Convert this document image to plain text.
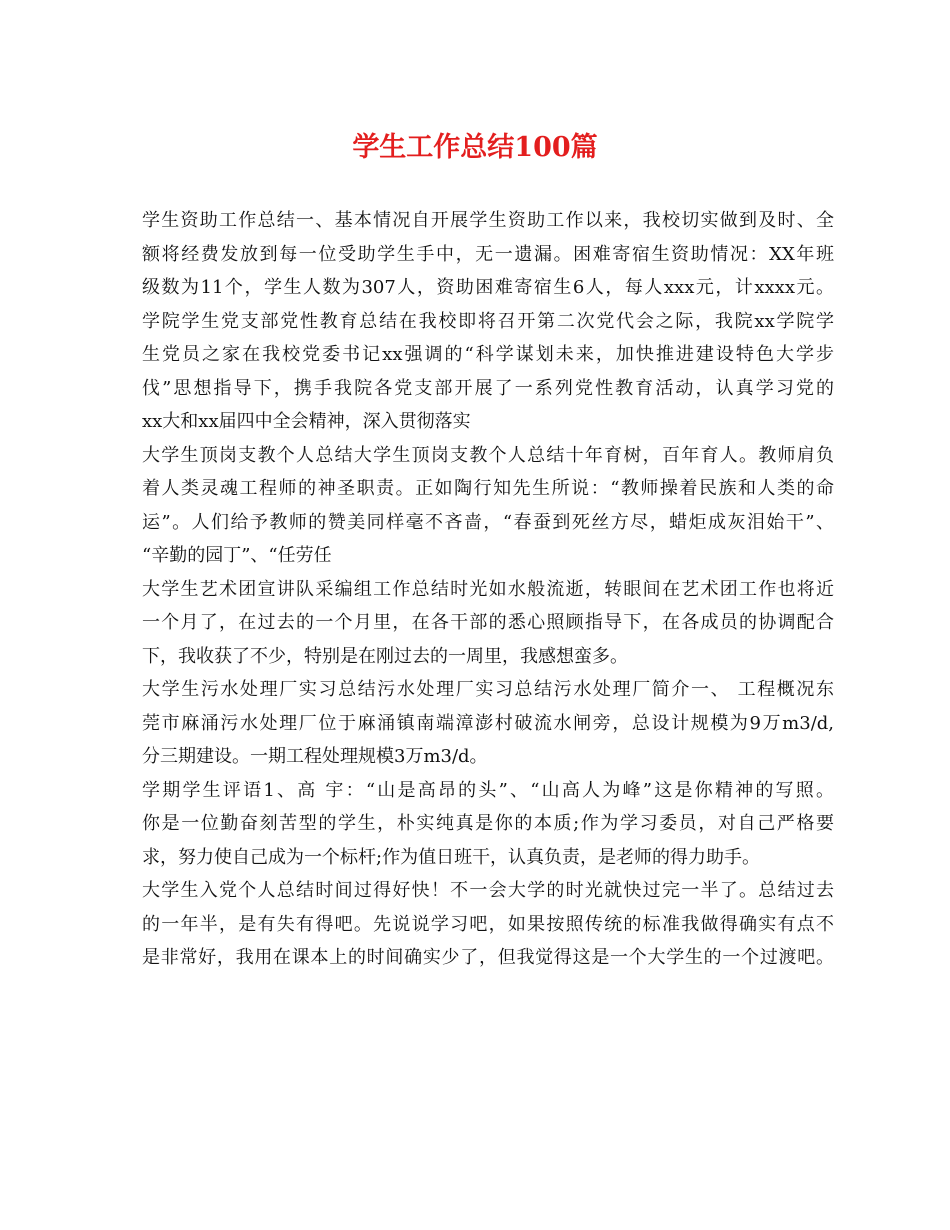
学生工作总结100篇

学生资助工作总结一、基本情况自开展学生资助工作以来，我校切实做到及时、全
额将经费发放到每一位受助学生手中，无一遗漏。困难寄宿生资助情况：XX年班
级数为11个，学生人数为307人，资助困难寄宿生6人，每人xxx元，计xxxx元。
学院学生党支部党性教育总结在我校即将召开第二次党代会之际，我院xx学院学
生党员之家在我校党委书记xx强调的“科学谋划未来，加快推进建设特色大学步
伐”思想指导下，携手我院各党支部开展了一系列党性教育活动，认真学习党的
xx大和xx届四中全会精神，深入贯彻落实

大学生顶岗支教个人总结大学生顶岗支教个人总结十年育树，百年育人。教师肩负
着人类灵魂工程师的神圣职责。正如陶行知先生所说：“教师操着民族和人类的命
运”。人们给予教师的赞美同样毫不吝啬，“春蚕到死丝方尽，蜡炬成灰泪始干”、
“辛勤的园丁”、“任劳任

大学生艺术团宣讲队采编组工作总结时光如水般流逝，转眼间在艺术团工作也将近
一个月了，在过去的一个月里，在各干部的悉心照顾指导下，在各成员的协调配合
下，我收获了不少，特别是在刚过去的一周里，我感想蛮多。

大学生污水处理厂实习总结污水处理厂实习总结污水处理厂简介一、 工程概况东
莞市麻涌污水处理厂位于麻涌镇南端漳澎村破流水闸旁，总设计规模为9万m3/d,
分三期建设。一期工程处理规模3万m3/d。

学期学生评语1、高 宇：“山是高昂的头”、“山高人为峰”这是你精神的写照。
你是一位勤奋刻苦型的学生，朴实纯真是你的本质;作为学习委员，对自己严格要
求，努力使自己成为一个标杆;作为值日班干，认真负责，是老师的得力助手。

大学生入党个人总结时间过得好快！不一会大学的时光就快过完一半了。总结过去
的一年半，是有失有得吧。先说说学习吧，如果按照传统的标准我做得确实有点不
是非常好，我用在课本上的时间确实少了，但我觉得这是一个大学生的一个过渡吧。
